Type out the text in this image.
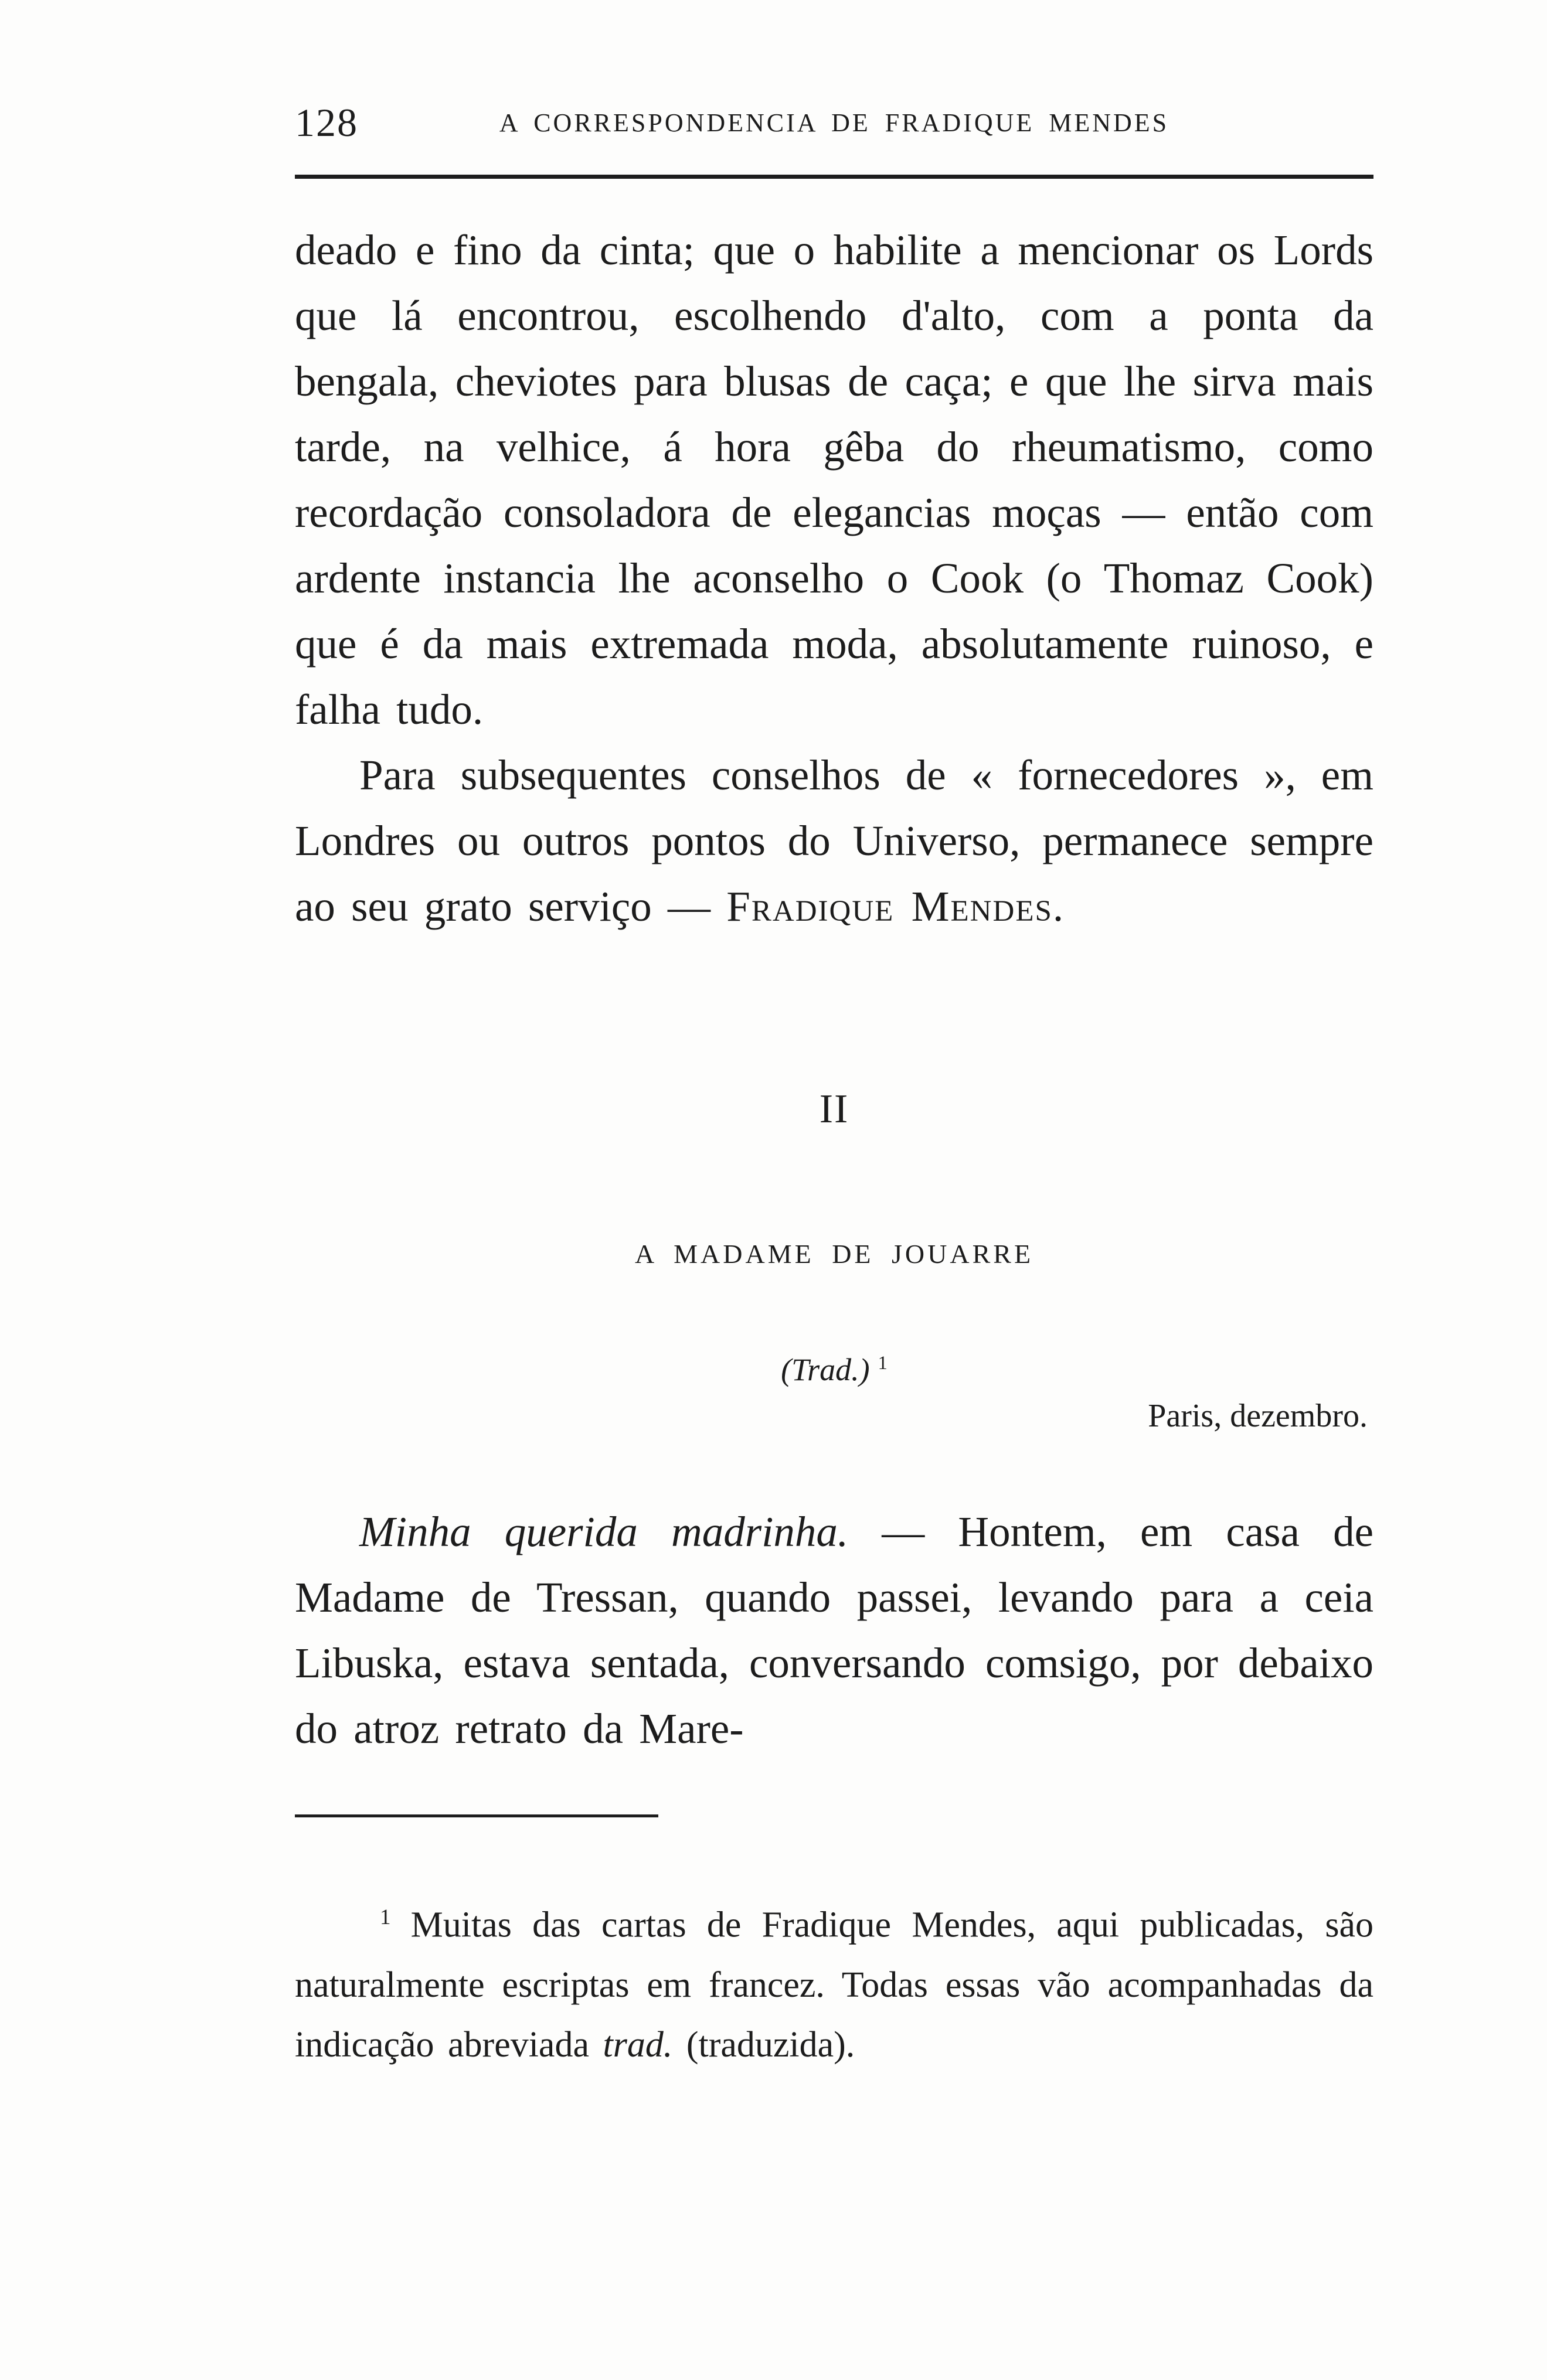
128	A CORRESPONDENCIA DE FRADIQUE MENDES

deado e fino da cinta; que o habilite a mencionar os Lords que lá encontrou, escolhendo d'alto, com a ponta da bengala, cheviotes para blusas de caça; e que lhe sirva mais tarde, na velhice, á hora gêba do rheumatismo, como recordação consoladora de elegancias moças — então com ardente instancia lhe aconselho o Cook (o Thomaz Cook) que é da mais extremada moda, absolutamente ruinoso, e falha tudo.

Para subsequentes conselhos de « fornecedores », em Londres ou outros pontos do Universo, permanece sempre ao seu grato serviço — Fradique Mendes.

II
A MADAME DE JOUARRE
(Trad.) $^1$
Paris, dezembro.

Minha querida madrinha. — Hontem, em casa de Madame de Tressan, quando passei, levando para a ceia Libuska, estava sentada, conversando comsigo, por debaixo do atroz retrato da Mare-

$^1$ Muitas das cartas de Fradique Mendes, aqui publicadas, são naturalmente escriptas em francez. Todas essas vão acompanhadas da indicação abreviada trad. (traduzida).
